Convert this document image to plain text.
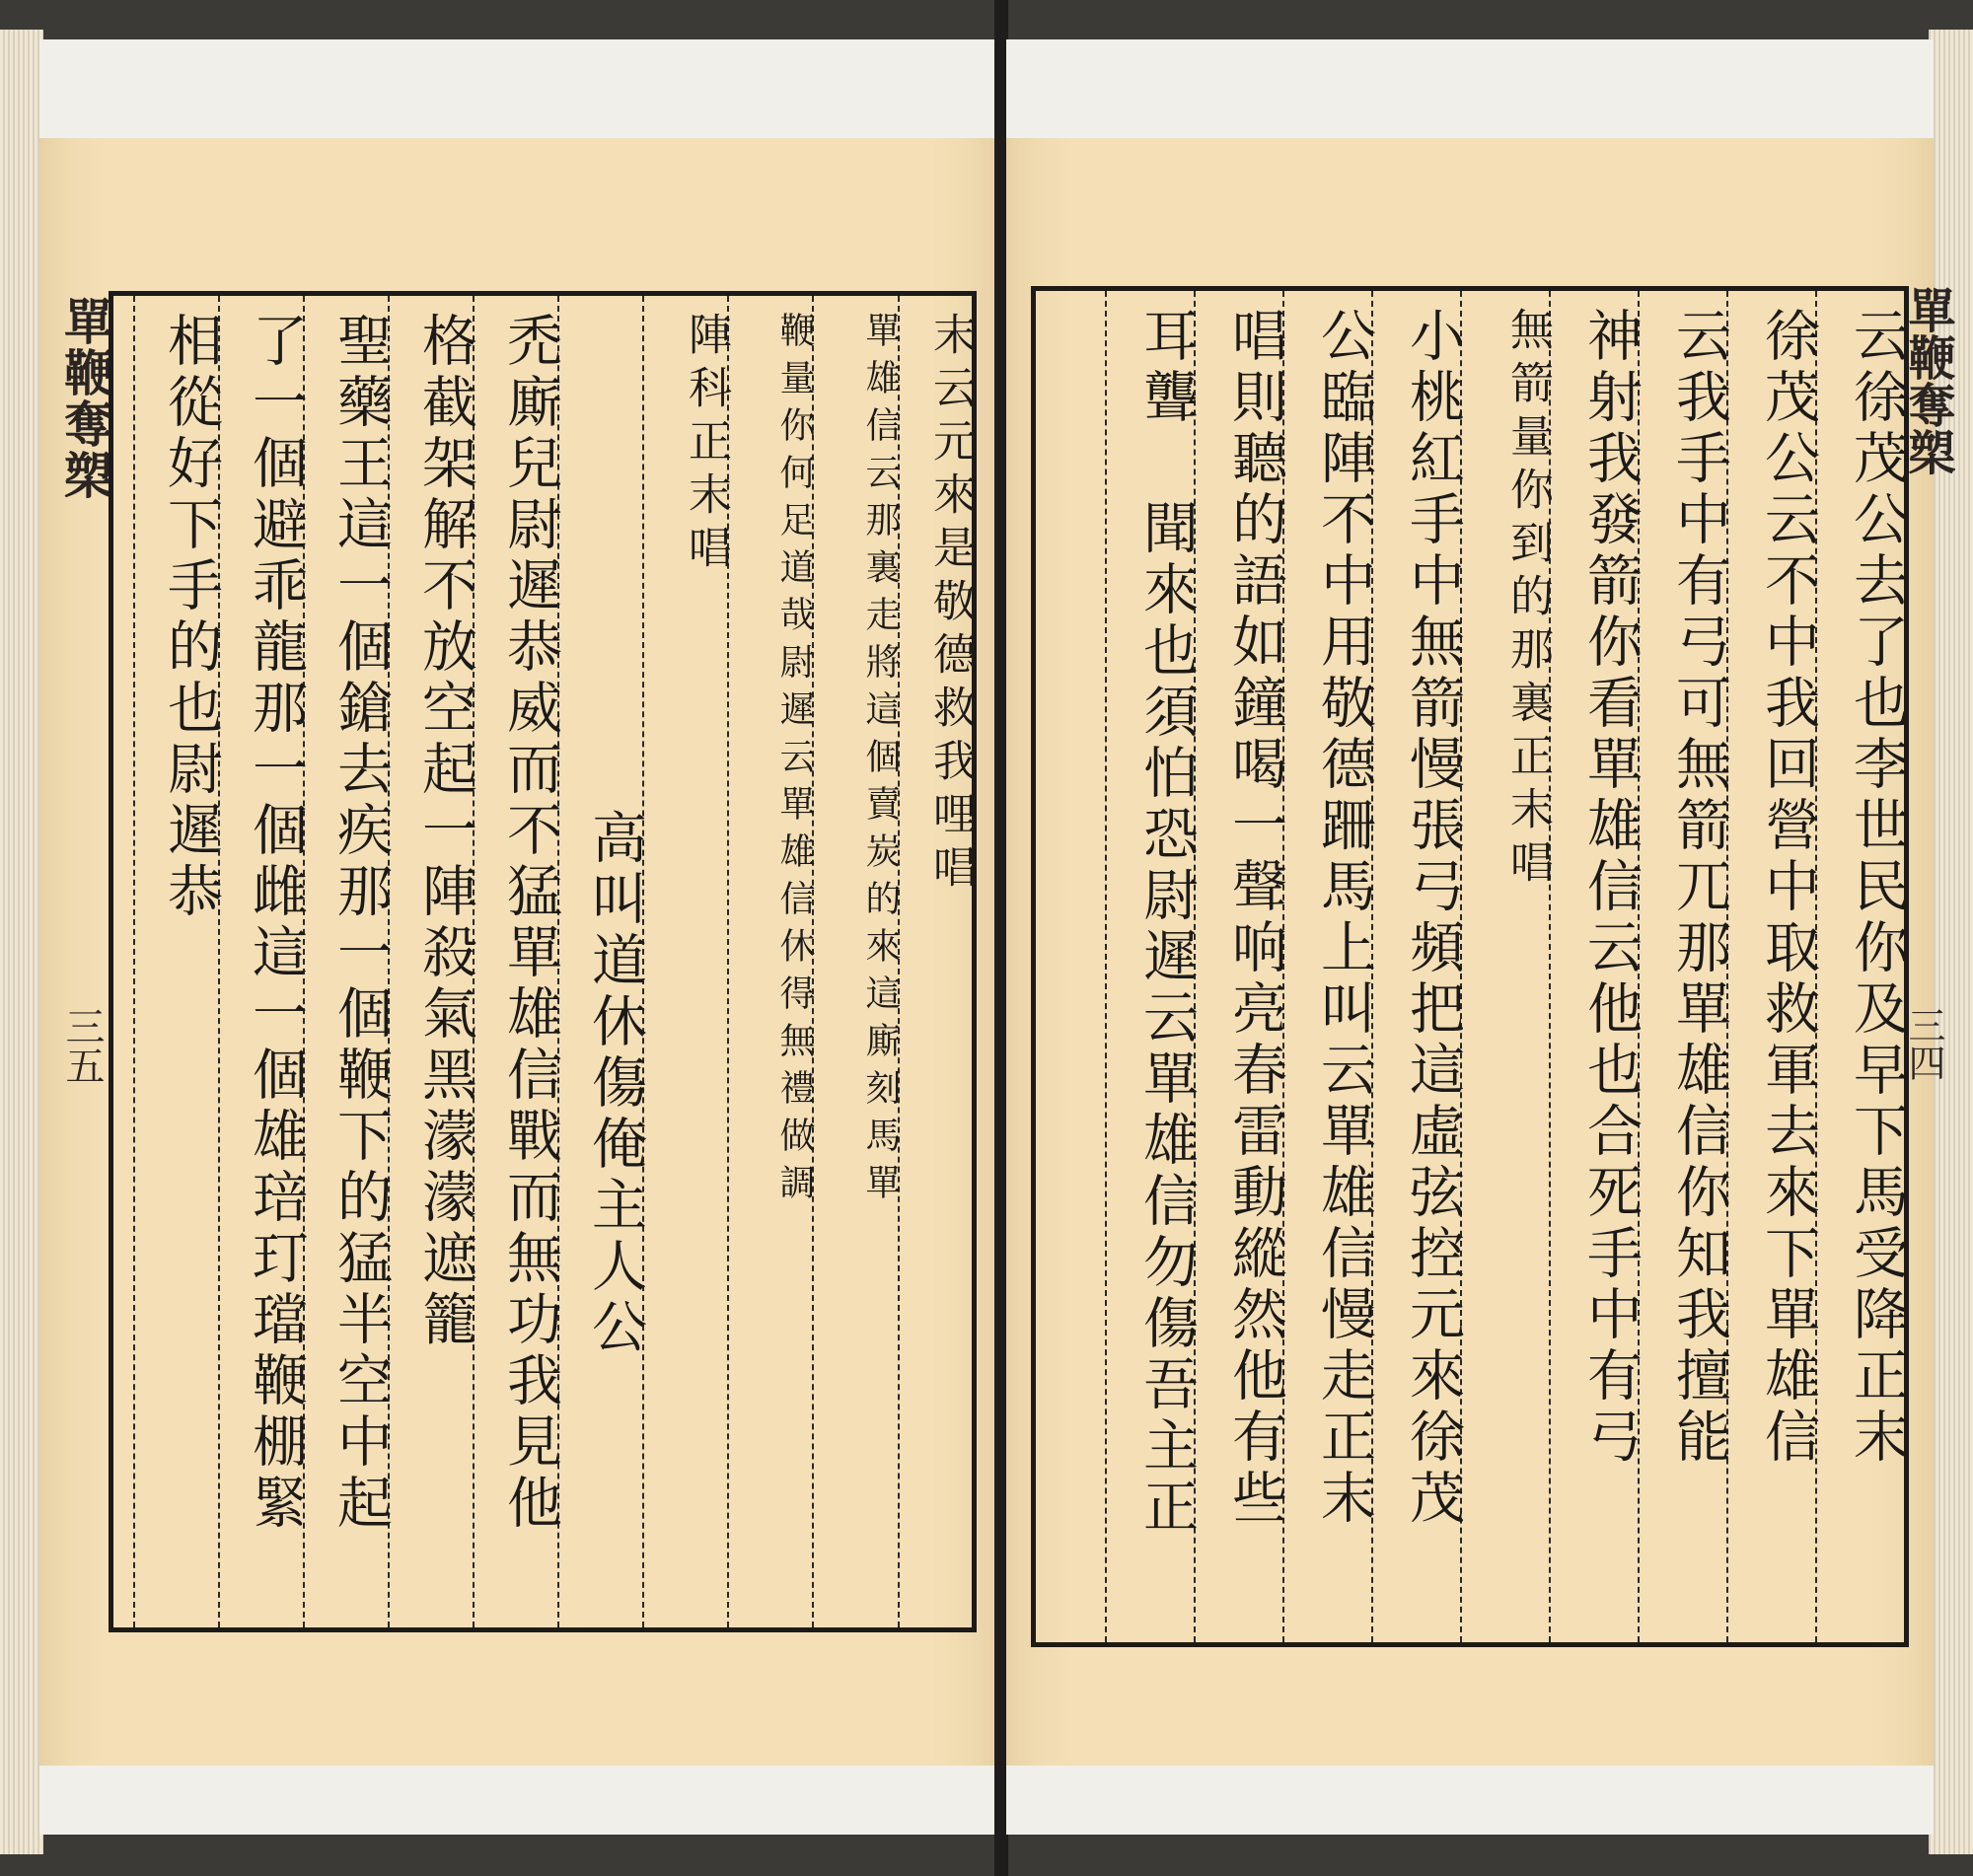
單鞭奪槊
三五
末云元來是敬德救我哩唱
單雄信云那裏走將這個賣炭的來這廝刻馬單
鞭量你何足道哉尉遲云單雄信休得無禮做調
陣科正末唱
高叫道休傷俺主人公
禿廝兒尉遲恭威而不猛單雄信戰而無功我見他
格截架解不放空起一陣殺氣黑濛濛遮籠
聖藥王這一個鎗去疾那一個鞭下的猛半空中起
了一個避乖龍那一個雌這一個雄琣玎璫鞭棚緊
相從好下手的也尉遲恭	單鞭奪槊
三四
云徐茂公去了也李世民你及早下馬受降正末
徐茂公云不中我回營中取救軍去來下單雄信
云我手中有弓可無箭兀那單雄信你知我擅能
神射我發箭你看單雄信云他也合死手中有弓
無箭量你到的那裏正末唱
小桃紅手中無箭慢張弓頻把這虛弦控元來徐茂
公臨陣不中用敬德跚馬上叫云單雄信慢走正末
唱則聽的語如鐘喝一聲响亮春雷動縱然他有些
耳聾 聞來也須怕恐尉遲云單雄信勿傷吾主正
